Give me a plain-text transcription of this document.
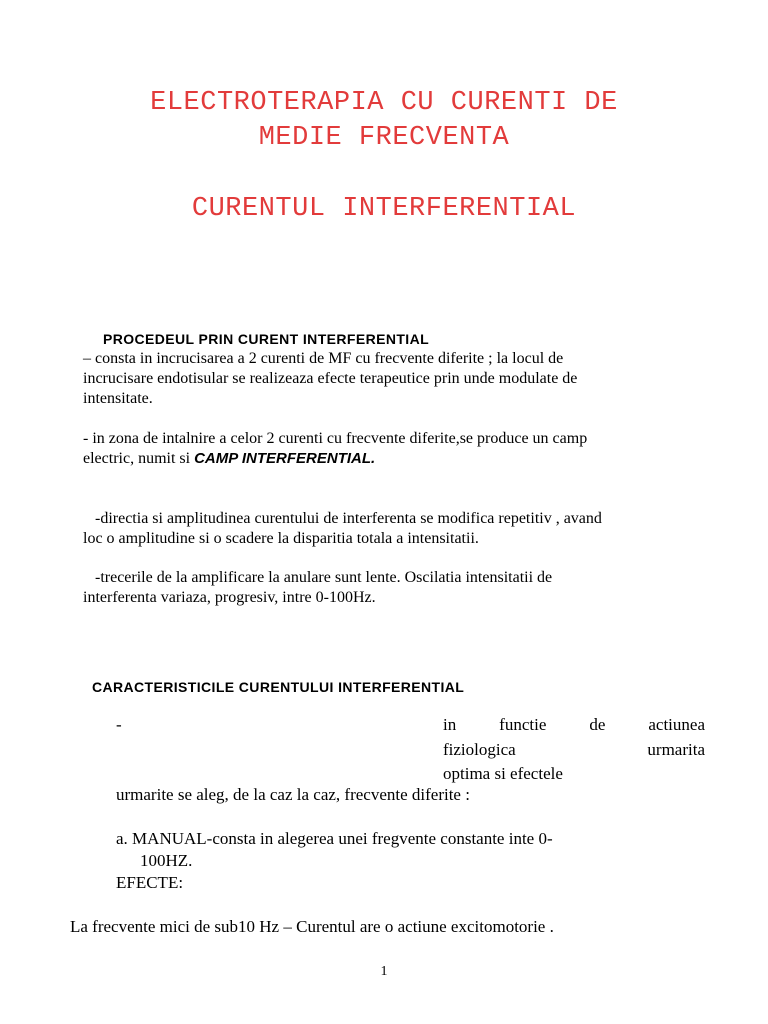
ELECTROTERAPIA CU CURENTI DE
MEDIE FRECVENTA
CURENTUL INTERFERENTIAL
PROCEDEUL PRIN CURENT INTERFERENTIAL

– consta in incrucisarea a 2 curenti de MF cu frecvente diferite ; la locul de

incrucisare endotisular se realizeaza efecte terapeutice prin unde modulate de

intensitate.

- in zona de intalnire a celor 2 curenti cu frecvente diferite,se produce un camp

electric, numit si CAMP INTERFERENTIAL.

-directia si amplitudinea curentului de interferenta se modifica repetitiv , avand

loc o amplitudine si o scadere la disparitia totala a intensitatii.

-trecerile de la amplificare la anulare sunt lente. Oscilatia intensitatii de

interferenta variaza, progresiv, intre 0-100Hz.

CARACTERISTICILE CURENTULUI INTERFERENTIAL
-	in functie de actiunea
fiziologica urmarita
optima si efectele
urmarite se aleg, de la caz la caz, frecvente diferite :
a. MANUAL-consta in alegerea unei fregvente constante inte 0-
100HZ.
EFECTE:
La frecvente mici de sub10 Hz – Curentul are o actiune excitomotorie .
1
